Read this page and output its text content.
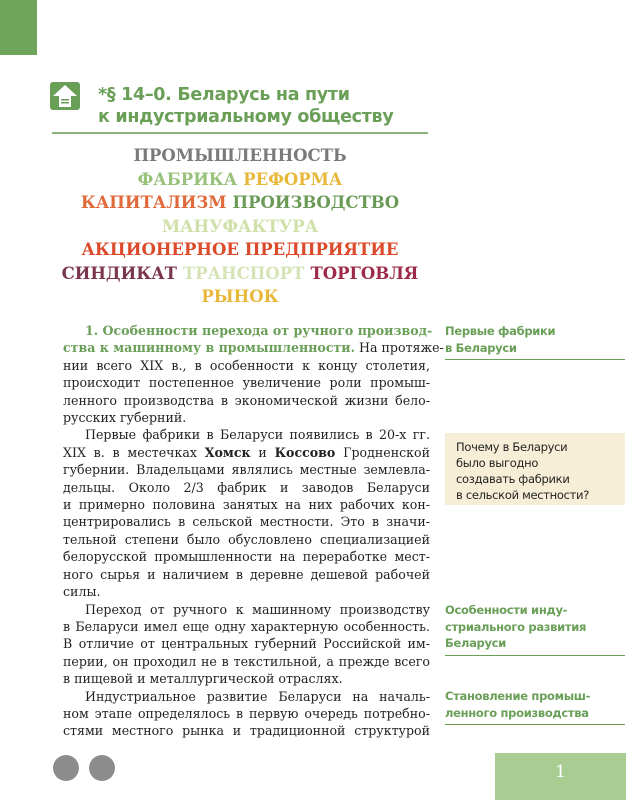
*§ 14–0. Беларусь на пути
к индустриальному обществу
ПРОМЫШЛЕННОСТЬ
ФАБРИКА РЕФОРМА
КАПИТАЛИЗМ ПРОИЗВОДСТВО
МАНУФАКТУРА
АКЦИОНЕРНОЕ ПРЕДПРИЯТИЕ
СИНДИКАТ ТРАНСПОРТ ТОРГОВЛЯ
РЫНОК
1. Особенности перехода от ручного производ-
ства к машинному в промышленности. На протяже-
нии всего XIX в., в особенности к концу столетия,
происходит постепенное увеличение роли промыш-
ленного производства в экономической жизни бело-
русских губерний.
Первые фабрики в Беларуси появились в 20-х гг.
XIX в. в местечках Хомск и Коссово Гродненской
губернии. Владельцами являлись местные землевла-
дельцы. Около 2/3 фабрик и заводов Беларуси
и примерно половина занятых на них рабочих кон-
центрировались в сельской местности. Это в значи-
тельной степени было обусловлено специализацией
белорусской промышленности на переработке мест-
ного сырья и наличием в деревне дешевой рабочей
силы.
Переход от ручного к машинному производству
в Беларуси имел еще одну характерную особенность.
В отличие от центральных губерний Российской им-
перии, он проходил не в текстильной, а прежде всего
в пищевой и металлургической отраслях.
Индустриальное развитие Беларуси на началь-
ном этапе определялось в первую очередь потребно-
стями местного рынка и традиционной структурой
Первые фабрики
в Беларуси
Почему в Беларуси
было выгодно
создавать фабрики
в сельской местности?
Особенности инду-
стриального развития
Беларуси
Становление промыш-
ленного производства
1
